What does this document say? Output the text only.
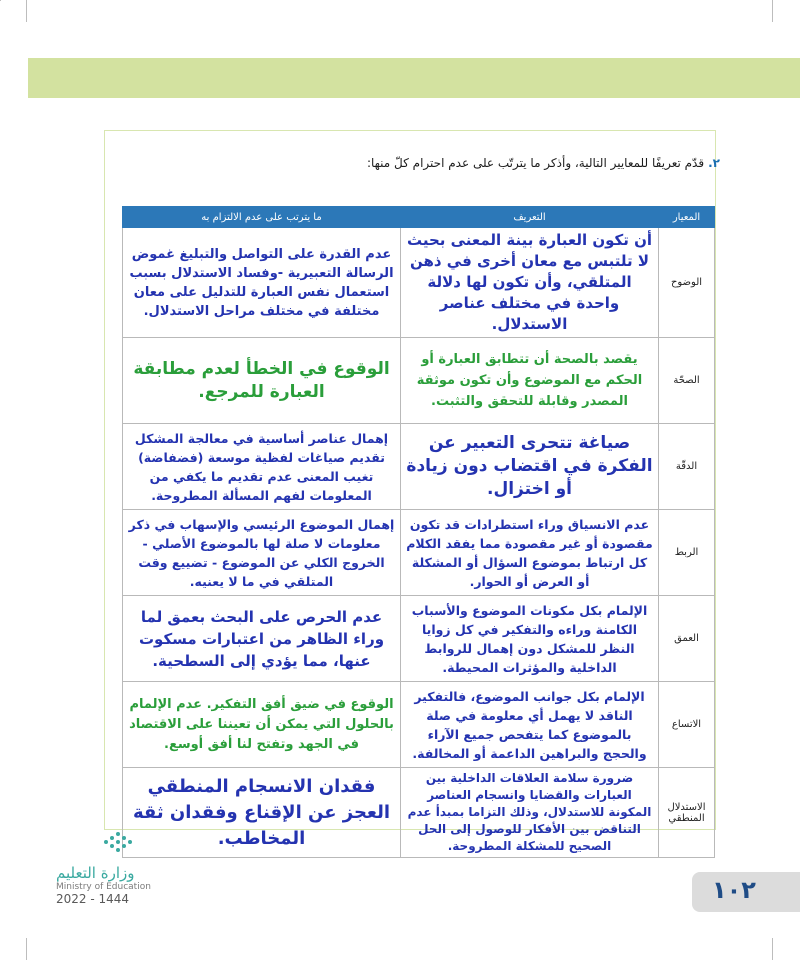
٢.قدّم تعريفًا للمعايير التالية، وأذكر ما يترتّب على عدم احترام كلّ منها:
المعيار	التعريف	ما يترتب على عدم الالتزام به
الوضوح	أن تكون العبارة بينة المعنى بحيث لا تلتبس مع معان أخرى في ذهن المتلقي، وأن تكون لها دلالة واحدة في مختلف عناصر الاستدلال.	عدم القدرة على التواصل والتبليغ غموض الرسالة التعبيرية -وفساد الاستدلال بسبب استعمال نفس العبارة للتدليل على معان مختلفة في مختلف مراحل الاستدلال.

الصحّة	يقصد بالصحة أن تتطابق العبارة أو الحكم مع الموضوع وأن تكون موثقة المصدر وقابلة للتحقق والتثبت.	الوقوع في الخطأ لعدم مطابقة العبارة للمرجع.

الدقّة	صياغة تتحرى التعبير عن الفكرة في اقتضاب دون زيادة أو اختزال.	إهمال عناصر أساسية في معالجة المشكل تقديم صياغات لفظية موسعة (فضفاضة) تغيب المعنى عدم تقديم ما يكفي من المعلومات لفهم المسألة المطروحة.

الربط	عدم الانسياق وراء استطرادات قد تكون مقصودة أو غير مقصودة مما يفقد الكلام كل ارتباط بموضوع السؤال أو المشكلة أو العرض أو الحوار.	إهمال الموضوع الرئيسي والإسهاب في ذكر معلومات لا صلة لها بالموضوع الأصلي - الخروج الكلي عن الموضوع - تضييع وقت المتلقي في ما لا يعنيه.

العمق	الإلمام بكل مكونات الموضوع والأسباب الكامنة وراءه والتفكير في كل زوايا النظر للمشكل دون إهمال للروابط الداخلية والمؤثرات المحيطة.	عدم الحرص على البحث بعمق لما وراء الظاهر من اعتبارات مسكوت عنها، مما يؤدي إلى السطحية.

الاتساع	الإلمام بكل جوانب الموضوع، فالتفكير الناقد لا يهمل أي معلومة في صلة بالموضوع كما يتفحص جميع الآراء والحجج والبراهين الداعمة أو المخالفة.	الوقوع في ضيق أفق التفكير. عدم الإلمام بالحلول التي يمكن أن تعيننا على الاقتصاد في الجهد وتفتح لنا أفق أوسع.

الاستدلال المنطقي	ضرورة سلامة العلاقات الداخلية بين العبارات والقضايا وانسجام العناصر المكونة للاستدلال، وذلك التزاما بمبدأ عدم التناقض بين الأفكار للوصول إلى الحل الصحيح للمشكلة المطروحة.	فقدان الانسجام المنطقي العجز عن الإقناع وفقدان ثقة المخاطب.
وزارة التعليم
Ministry of Education
2022 - 1444	١٠٢
